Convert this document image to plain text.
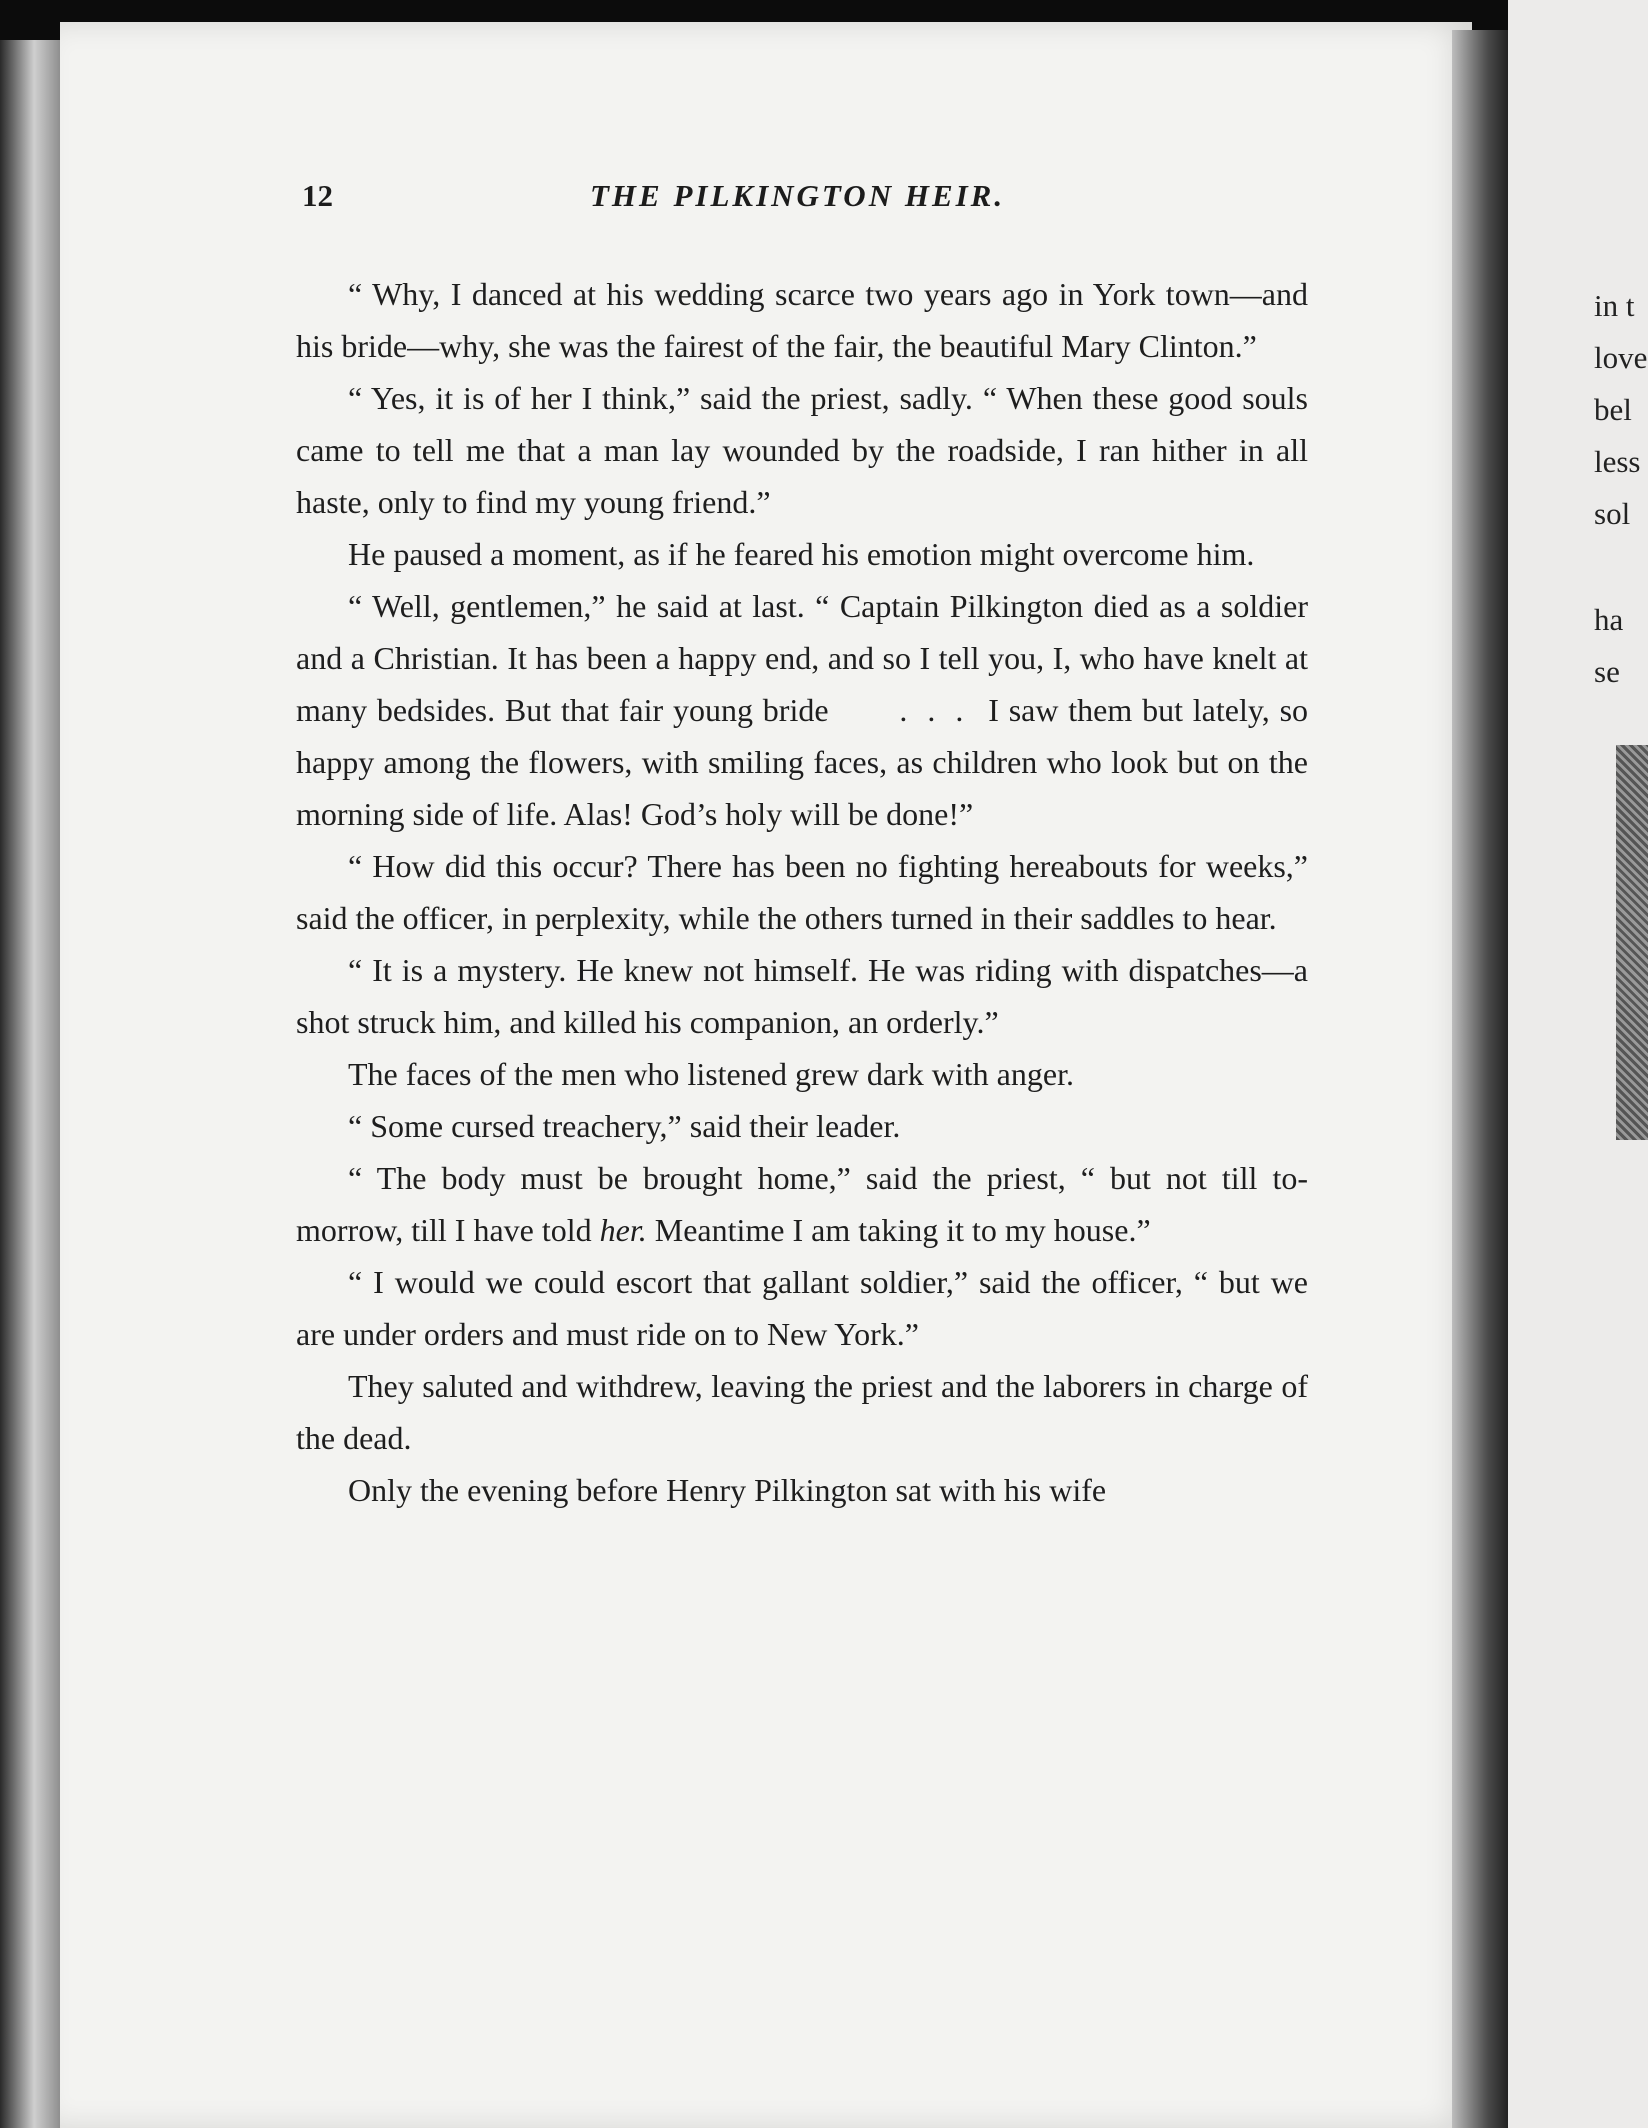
12	THE PILKINGTON HEIR.

“ Why, I danced at his wedding scarce two years ago in York town—and his bride—why, she was the fairest of the fair, the beautiful Mary Clinton.”

“ Yes, it is of her I think,” said the priest, sadly. “ When these good souls came to tell me that a man lay wounded by the roadside, I ran hither in all haste, only to find my young friend.”

He paused a moment, as if he feared his emotion might overcome him.

“ Well, gentlemen,” he said at last. “ Captain Pilkington died as a soldier and a Christian. It has been a happy end, and so I tell you, I, who have knelt at many bedsides. But that fair young bride . . . I saw them but lately, so happy among the flowers, with smiling faces, as children who look but on the morning side of life. Alas! God’s holy will be done!”

“ How did this occur? There has been no fighting hereabouts for weeks,” said the officer, in perplexity, while the others turned in their saddles to hear.

“ It is a mystery. He knew not himself. He was riding with dispatches—a shot struck him, and killed his companion, an orderly.”

The faces of the men who listened grew dark with anger.

“ Some cursed treachery,” said their leader.

“ The body must be brought home,” said the priest, “ but not till to-morrow, till I have told her. Meantime I am taking it to my house.”

“ I would we could escort that gallant soldier,” said the officer, “ but we are under orders and must ride on to New York.”

They saluted and withdrew, leaving the priest and the laborers in charge of the dead.

Only the evening before Henry Pilkington sat with his wife

in t
love
bel
less
sol
ha
se
